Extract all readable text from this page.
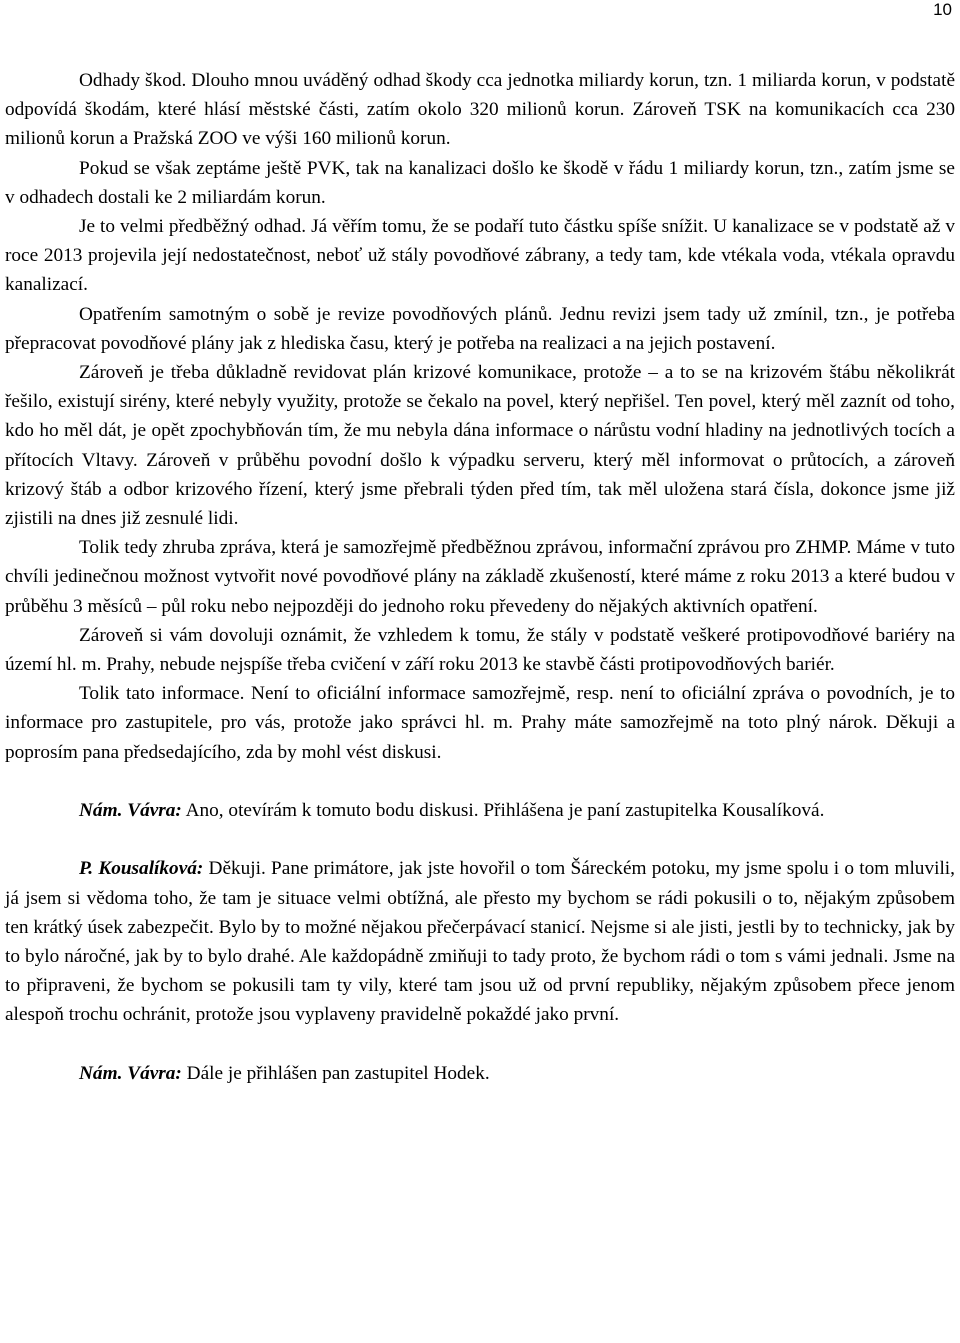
10

Odhady škod. Dlouho mnou uváděný odhad škody cca jednotka miliardy korun, tzn. 1 miliarda korun, v podstatě odpovídá škodám, které hlásí městské části, zatím okolo 320 milionů korun. Zároveň TSK na komunikacích cca 230 milionů korun a Pražská ZOO ve výši 160 milionů korun.

Pokud se však zeptáme ještě PVK, tak na kanalizaci došlo ke škodě v řádu 1 miliardy korun, tzn., zatím jsme se v odhadech dostali ke 2 miliardám korun.

Je to velmi předběžný odhad. Já věřím tomu, že se podaří tuto částku spíše snížit. U kanalizace se v podstatě až v roce 2013 projevila její nedostatečnost, neboť už stály povodňové zábrany, a tedy tam, kde vtékala voda, vtékala opravdu kanalizací.

Opatřením samotným o sobě je revize povodňových plánů. Jednu revizi jsem tady už zmínil, tzn., je potřeba přepracovat povodňové plány jak z hlediska času, který je potřeba na realizaci a na jejich postavení.

Zároveň je třeba důkladně revidovat plán krizové komunikace, protože – a to se na krizovém štábu několikrát řešilo, existují sirény, které nebyly využity, protože se čekalo na povel, který nepřišel. Ten povel, který měl zaznít od toho, kdo ho měl dát, je opět zpochybňován tím, že mu nebyla dána informace o nárůstu vodní hladiny na jednotlivých tocích a přítocích Vltavy. Zároveň v průběhu povodní došlo k výpadku serveru, který měl informovat o průtocích, a zároveň krizový štáb a odbor krizového řízení, který jsme přebrali týden před tím, tak měl uložena stará čísla, dokonce jsme již zjistili na dnes již zesnulé lidi.

Tolik tedy zhruba zpráva, která je samozřejmě předběžnou zprávou, informační zprávou pro ZHMP. Máme v tuto chvíli jedinečnou možnost vytvořit nové povodňové plány na základě zkušeností, které máme z roku 2013 a které budou v průběhu 3 měsíců – půl roku nebo nejpozději do jednoho roku převedeny do nějakých aktivních opatření.

Zároveň si vám dovoluji oznámit, že vzhledem k tomu, že stály v podstatě veškeré protipovodňové bariéry na území hl. m. Prahy, nebude nejspíše třeba cvičení v září roku 2013 ke stavbě části protipovodňových bariér.

Tolik tato informace. Není to oficiální informace samozřejmě, resp. není to oficiální zpráva o povodních, je to informace pro zastupitele, pro vás, protože jako správci hl. m. Prahy máte samozřejmě na toto plný nárok. Děkuji a poprosím pana předsedajícího, zda by mohl vést diskusi.

Nám. Vávra: Ano, otevírám k tomuto bodu diskusi. Přihlášena je paní zastupitelka Kousalíková.

P. Kousalíková: Děkuji. Pane primátore, jak jste hovořil o tom Šáreckém potoku, my jsme spolu i o tom mluvili, já jsem si vědoma toho, že tam je situace velmi obtížná, ale přesto my bychom se rádi pokusili o to, nějakým způsobem ten krátký úsek zabezpečit. Bylo by to možné nějakou přečerpávací stanicí. Nejsme si ale jisti, jestli by to technicky, jak by to bylo náročné, jak by to bylo drahé. Ale každopádně zmiňuji to tady proto, že bychom rádi o tom s vámi jednali. Jsme na to připraveni, že bychom se pokusili tam ty vily, které tam jsou už od první republiky, nějakým způsobem přece jenom alespoň trochu ochránit, protože jsou vyplaveny pravidelně pokaždé jako první.

Nám. Vávra: Dále je přihlášen pan zastupitel Hodek.
